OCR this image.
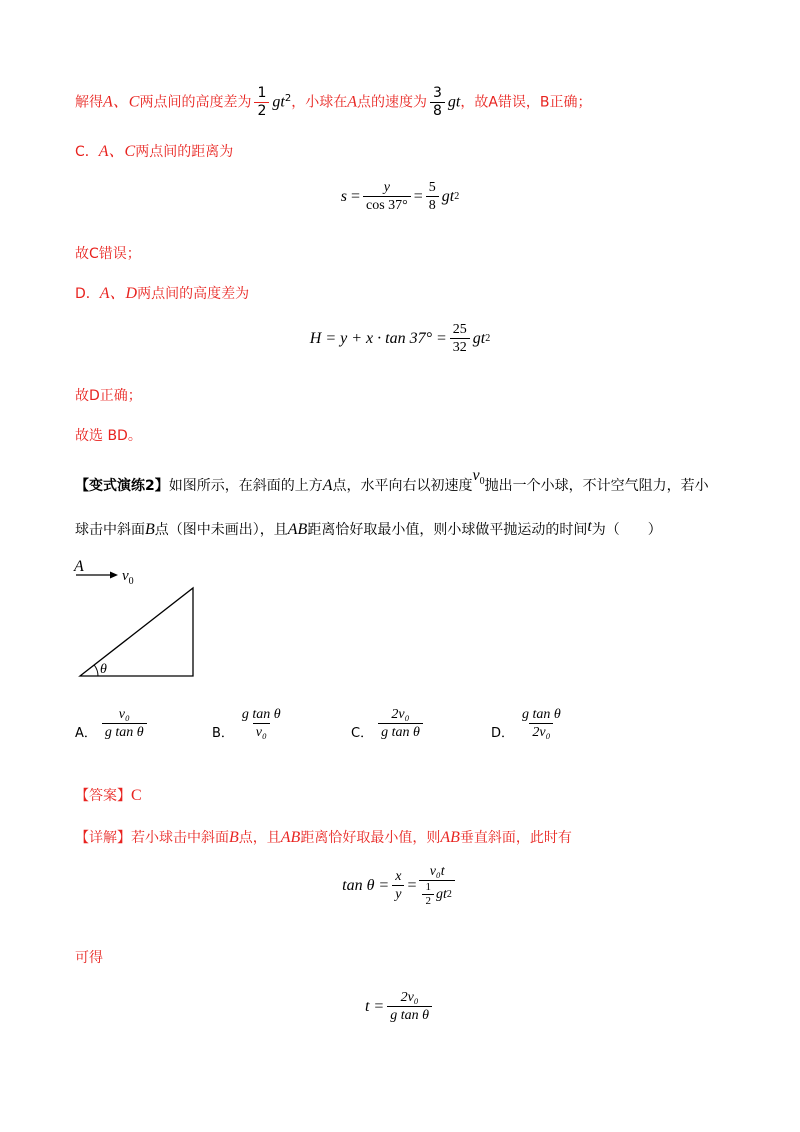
解得A、C两点间的高度差为 $\frac{1}{2} gt^2$，小球在A点的速度为 $\frac{3}{8}$ gt，故A错误，B正确；
C．A、C两点间的距离为
$s = \frac{y}{\cos 37^\circ} = \frac{5}{8}$ gt 2
故C错误；
D．A、D两点间的高度差为
$H = y + x \cdot \tan 37^\circ = \frac{25}{32}$ gt 2
故D正确；
故选 BD。
【变式演练2】如图所示，在斜面的上方A点，水平向右以初速度$v_0$抛出一个小球，不计空气阻力，若小
球击中斜面B点（图中未画出），且AB距离恰好取最小值，则小球做平抛运动的时间t为（　　）
A
$v_0$
θ
A． $\frac{\text{v₀}}{\text{g tan θ}}$	B． $\frac{\text{g tan θ}}{\text{v₀}}$	C． $\frac{\text{2v₀}}{\text{g tan θ}}$	D． $\frac{\text{g tan θ}}{\text{2v₀}}$
【答案】C
【详解】若小球击中斜面B点，且AB距离恰好取最小值，则AB垂直斜面，此时有
$\tan \theta = \frac{x}{y} = \frac{\text{v₀t}}{\frac{1}{2} gt 2}$
可得
$t = \frac{\text{2v₀}}{\text{g tan θ}}$
